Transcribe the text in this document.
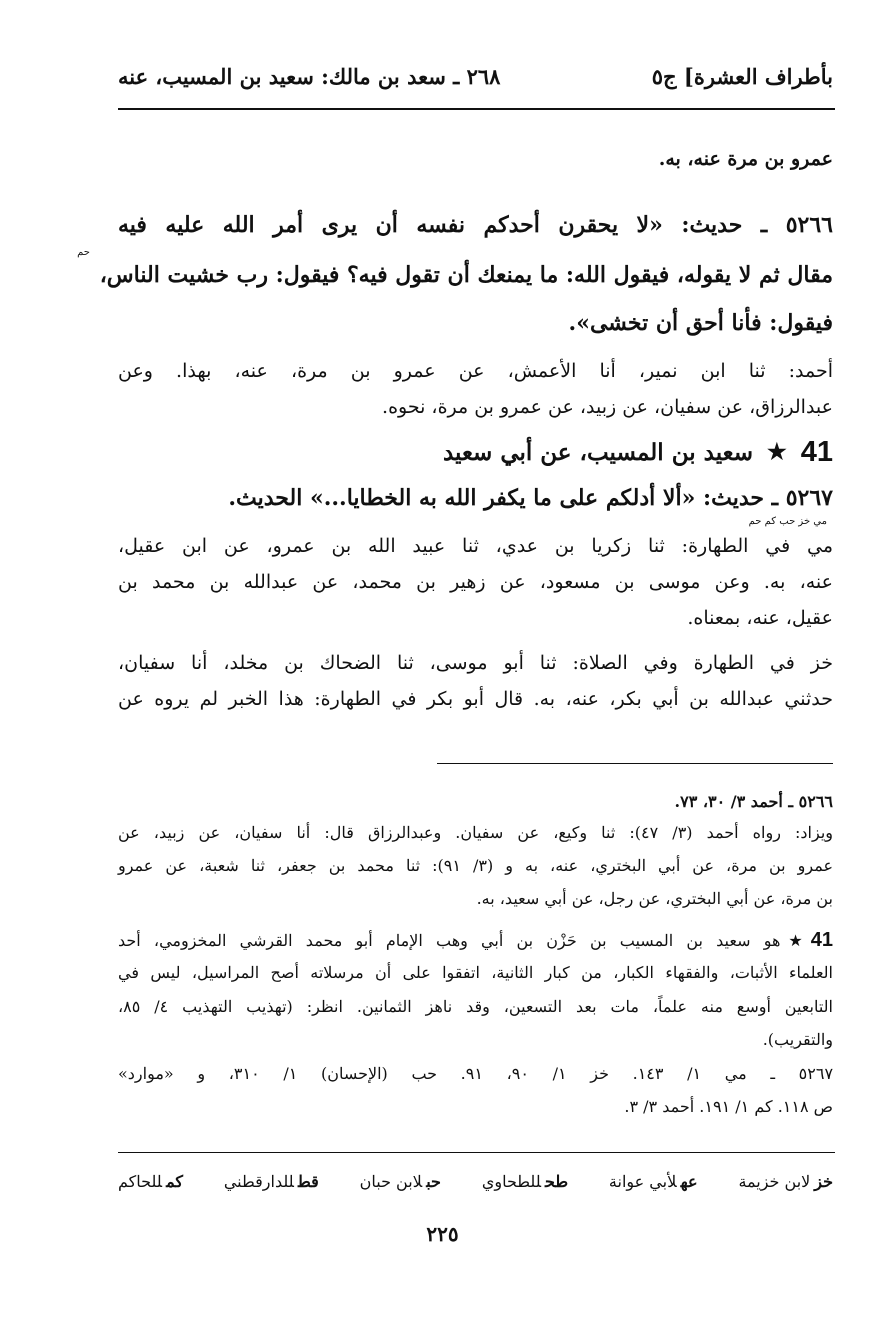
بأطراف العشرة] ج٥
٢٦٨ ـ سعد بن مالك: سعيد بن المسيب، عنه
عمرو بن مرة عنه، به.
٥٢٦٦ ـ حديث: «لا يحقرن أحدكم نفسه أن يرى أمر الله عليه فيه
حم
مقال ثم لا يقوله، فيقول الله: ما يمنعك أن تقول فيه؟ فيقول: رب خشيت الناس،
فيقول: فأنا أحق أن تخشى».
أحمد: ثنا ابن نمير، أنا الأعمش، عن عمرو بن مرة، عنه، بهذا. وعن
عبدالرزاق، عن سفيان، عن زبيد، عن عمرو بن مرة، نحوه.
41
★
سعيد بن المسيب، عن أبي سعيد
٥٢٦٧ ـ حديث: «ألا أدلكم على ما يكفر الله به الخطايا...» الحديث.
مي خز حب كم حم
مي في الطهارة: ثنا زكريا بن عدي، ثنا عبيد الله بن عمرو، عن ابن عقيل،
عنه، به. وعن موسى بن مسعود، عن زهير بن محمد، عن عبدالله بن محمد بن
عقيل، عنه، بمعناه.
خز في الطهارة وفي الصلاة: ثنا أبو موسى، ثنا الضحاك بن مخلد، أنا سفيان،
حدثني عبدالله بن أبي بكر، عنه، به. قال أبو بكر في الطهارة: هذا الخبر لم يروه عن
٥٢٦٦ ـ أحمد ٣/ ٣٠، ٧٣.
ويزاد: رواه أحمد (٣/ ٤٧): ثنا وكيع، عن سفيان. وعبدالرزاق قال: أنا سفيان، عن زبيد، عن
عمرو بن مرة، عن أبي البختري، عنه، به و (٣/ ٩١): ثنا محمد بن جعفر، ثنا شعبة، عن عمرو
بن مرة، عن أبي البختري، عن رجل، عن أبي سعيد، به.
41
★
هو سعيد بن المسيب بن حَزْن بن أبي وهب الإمام أبو محمد القرشي المخزومي، أحد
العلماء الأثبات، والفقهاء الكبار، من كبار الثانية، اتفقوا على أن مرسلاته أصح المراسيل، ليس في
التابعين أوسع منه علماً، مات بعد التسعين، وقد ناهز الثمانين. انظر: (تهذيب التهذيب ٤/ ٨٥،
والتقريب).
٥٢٦٧ ـ مي ١/ ١٤٣. خز ١/ ٩٠، ٩١. حب (الإحسان) ١/ ٣١٠، و «موارد»
ص ١١٨. كم ١/ ١٩١. أحمد ٣/ ٣.
خزلابن خزيمة
عهلأبي عوانة
طحللطحاوي
حبلابن حبان
قطللدارقطني
كمللحاكم
٢٢٥
